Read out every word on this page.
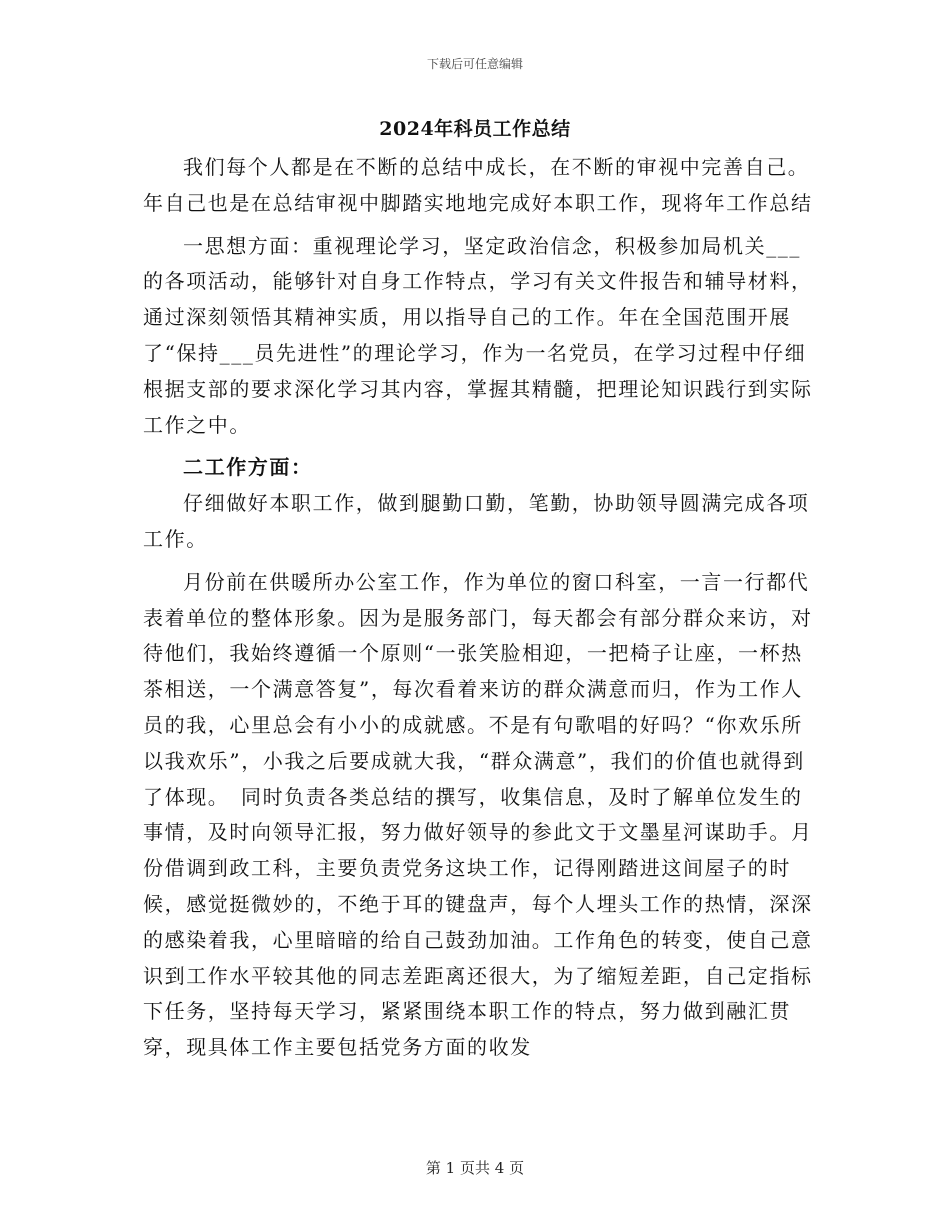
下载后可任意编辑
2024年科员工作总结

我们每个人都是在不断的总结中成长，在不断的审视中完善自己。年自己也是在总结审视中脚踏实地地完成好本职工作，现将年工作总结

一思想方面：重视理论学习，坚定政治信念，积极参加局机关___的各项活动，能够针对自身工作特点，学习有关文件报告和辅导材料，通过深刻领悟其精神实质，用以指导自己的工作。年在全国范围开展了“保持___员先进性”的理论学习，作为一名党员，在学习过程中仔细根据支部的要求深化学习其内容，掌握其精髓，把理论知识践行到实际工作之中。

二工作方面：

仔细做好本职工作，做到腿勤口勤，笔勤，协助领导圆满完成各项工作。

月份前在供暖所办公室工作，作为单位的窗口科室，一言一行都代表着单位的整体形象。因为是服务部门，每天都会有部分群众来访，对待他们，我始终遵循一个原则“一张笑脸相迎，一把椅子让座，一杯热茶相送，一个满意答复”，每次看着来访的群众满意而归，作为工作人员的我，心里总会有小小的成就感。不是有句歌唱的好吗？“你欢乐所以我欢乐”，小我之后要成就大我，“群众满意”，我们的价值也就得到了体现。　同时负责各类总结的撰写，收集信息，及时了解单位发生的事情，及时向领导汇报，努力做好领导的参此文于文墨星河谋助手。月份借调到政工科，主要负责党务这块工作，记得刚踏进这间屋子的时候，感觉挺微妙的，不绝于耳的键盘声，每个人埋头工作的热情，深深的感染着我，心里暗暗的给自己鼓劲加油。工作角色的转变，使自己意识到工作水平较其他的同志差距离还很大，为了缩短差距，自己定指标下任务，坚持每天学习，紧紧围绕本职工作的特点，努力做到融汇贯穿，现具体工作主要包括党务方面的收发

第 1 页共 4 页
